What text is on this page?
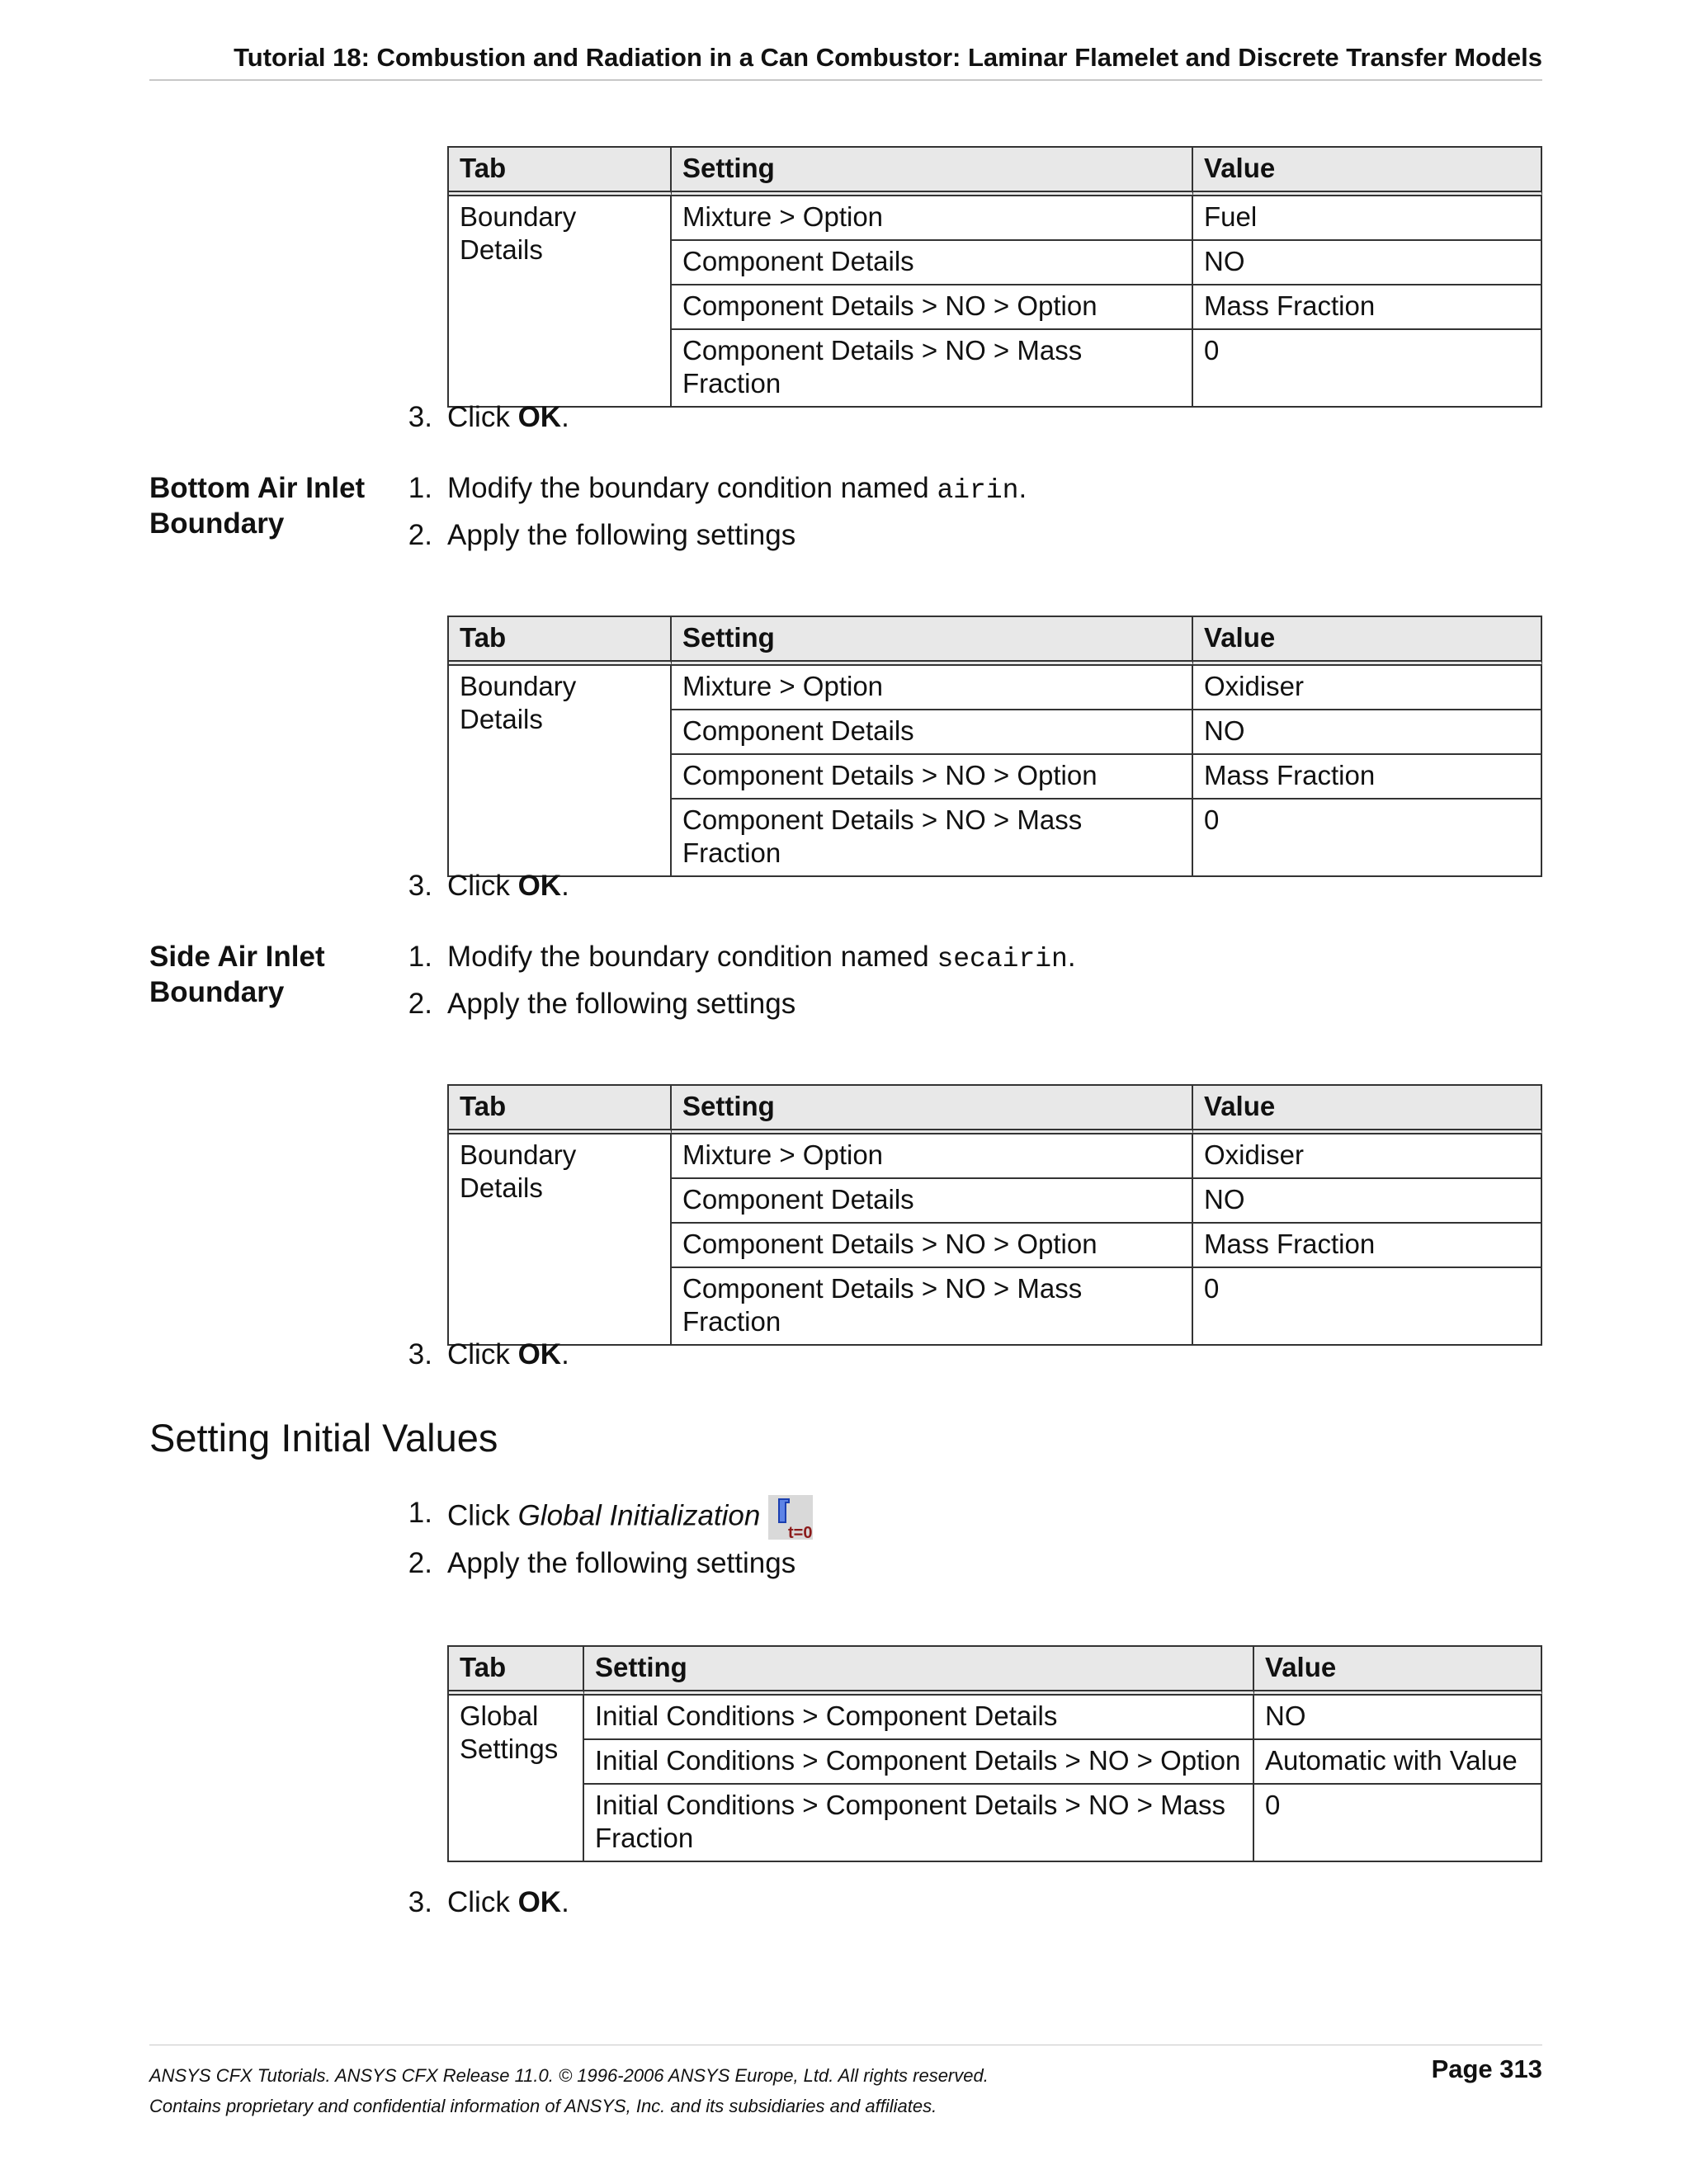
Tutorial 18: Combustion and Radiation in a Can Combustor: Laminar Flamelet and Discrete Transfer Models
Tab	Setting	Value
Boundary Details	Mixture > Option	Fuel
	Component Details	NO
	Component Details > NO > Option	Mass Fraction
	Component Details > NO > Mass Fraction	0
3. Click OK.
Bottom Air Inlet
Boundary
1. Modify the boundary condition named airin.
2. Apply the following settings
Tab	Setting	Value
Boundary Details	Mixture > Option	Oxidiser
	Component Details	NO
	Component Details > NO > Option	Mass Fraction
	Component Details > NO > Mass Fraction	0
3. Click OK.
Side Air Inlet
Boundary
1. Modify the boundary condition named secairin.
2. Apply the following settings
Tab	Setting	Value
Boundary Details	Mixture > Option	Oxidiser
	Component Details	NO
	Component Details > NO > Option	Mass Fraction
	Component Details > NO > Mass Fraction	0
3. Click OK.
Setting Initial Values
1. Click Global Initialization
t=0
2. Apply the following settings
Tab	Setting	Value
Global Settings	Initial Conditions > Component Details	NO
	Initial Conditions > Component Details > NO > Option	Automatic with Value
	Initial Conditions > Component Details > NO > Mass Fraction	0
3. Click OK.
ANSYS CFX Tutorials. ANSYS CFX Release 11.0. © 1996-2006 ANSYS Europe, Ltd. All rights reserved.
Contains proprietary and confidential information of ANSYS, Inc. and its subsidiaries and affiliates.
Page 313
